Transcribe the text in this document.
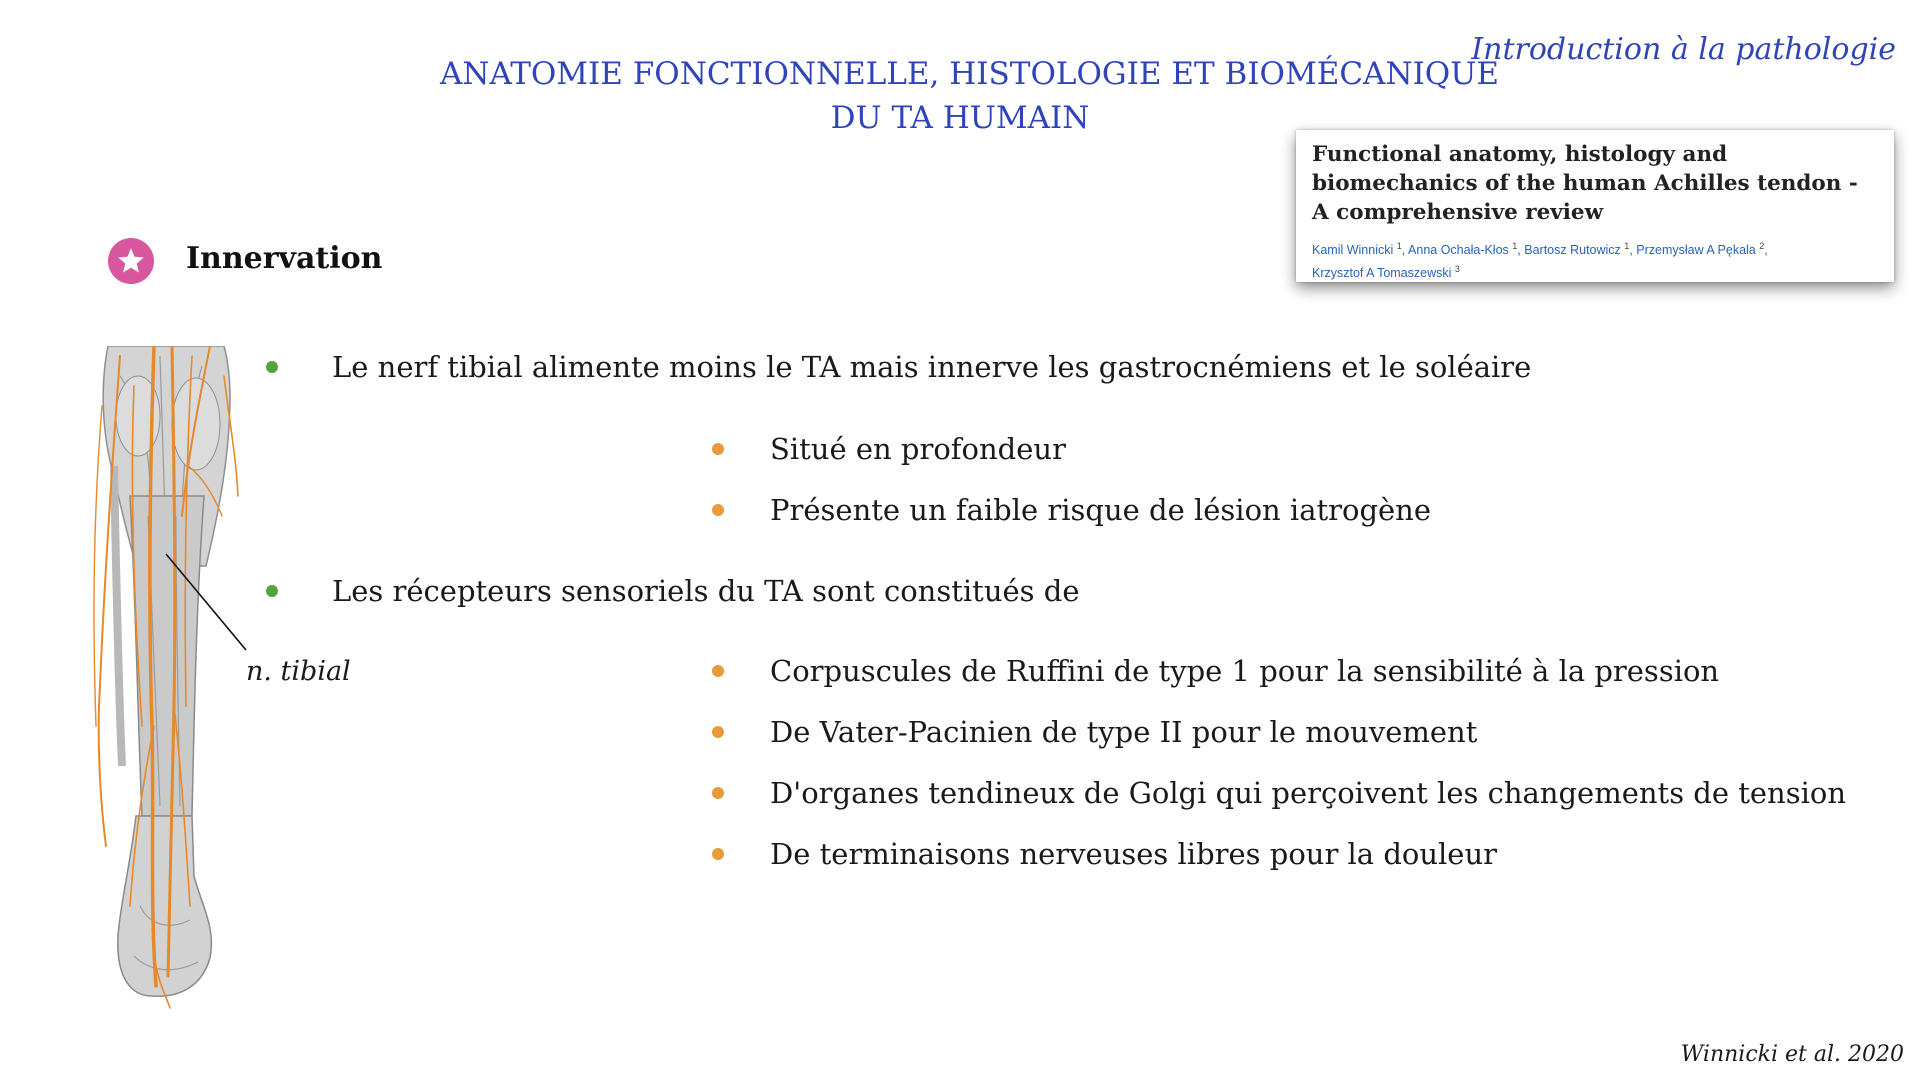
ANATOMIE FONCTIONNELLE, HISTOLOGIE ET BIOMÉCANIQUE
DU TA HUMAIN
Introduction à la pathologie
Functional anatomy, histology and biomechanics of the human Achilles tendon - A comprehensive review
Kamil Winnicki $^1$, Anna Ochała-Kłos $^1$, Bartosz Rutowicz $^1$, Przemysław A Pękala $^2$,
Krzysztof A Tomaszewski $^3$
Innervation
n. tibial
Le nerf tibial alimente moins le TA mais innerve les gastrocnémiens et le soléaire
Situé en profondeur
Présente un faible risque de lésion iatrogène
Les récepteurs sensoriels du TA sont constitués de
Corpuscules de Ruffini de type 1 pour la sensibilité à la pression
De Vater-Pacinien de type II pour le mouvement
D'organes tendineux de Golgi qui perçoivent les changements de tension
De terminaisons nerveuses libres pour la douleur
Winnicki et al. 2020
